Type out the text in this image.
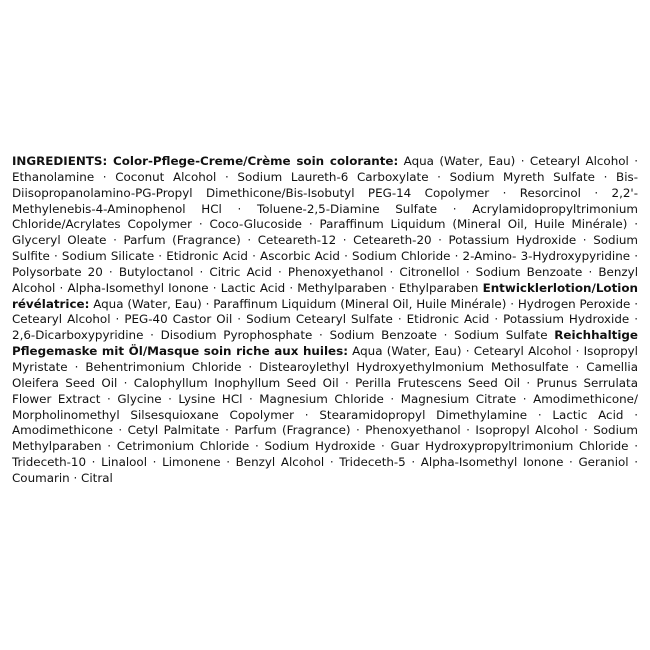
INGREDIENTS: Color-Pflege-Creme/Crème soin colorante: Aqua (Water, Eau) · Cetearyl Alcohol · Ethanolamine · Coconut Alcohol · Sodium Laureth-6 Carboxylate · Sodium Myreth Sulfate · Bis-Diisopropanolamino-PG-Propyl Dimethicone/Bis-Isobutyl PEG-14 Copolymer · Resorcinol · 2,2'-Methylenebis-4-Aminophenol HCl · Toluene-2,5-Diamine Sulfate · Acrylamidopropyltrimonium Chloride/Acrylates Copolymer · Coco-Glucoside · Paraffinum Liquidum (Mineral Oil, Huile Minérale) · Glyceryl Oleate · Parfum (Fragrance) · Ceteareth-12 · Ceteareth-20 · Potassium Hydroxide · Sodium Sulfite · Sodium Silicate · Etidronic Acid · Ascorbic Acid · Sodium Chloride · 2-Amino- 3-Hydroxypyridine · Polysorbate 20 · Butyloctanol · Citric Acid · Phenoxyethanol · Citronellol · Sodium Benzoate · Benzyl Alcohol · Alpha-Isomethyl Ionone · Lactic Acid · Methylparaben · Ethylparaben Entwicklerlotion/Lotion révélatrice: Aqua (Water, Eau) · Paraffinum Liquidum (Mineral Oil, Huile Minérale) · Hydrogen Peroxide · Cetearyl Alcohol · PEG-40 Castor Oil · Sodium Cetearyl Sulfate · Etidronic Acid · Potassium Hydroxide · 2,6-Dicarboxypyridine · Disodium Pyrophosphate · Sodium Benzoate · Sodium Sulfate Reichhaltige Pflegemaske mit Öl/Masque soin riche aux huiles: Aqua (Water, Eau) · Cetearyl Alcohol · Isopropyl Myristate · Behentrimonium Chloride · Distearoylethyl Hydroxyethylmonium Methosulfate · Camellia Oleifera Seed Oil · Calophyllum Inophyllum Seed Oil · Perilla Frutescens Seed Oil · Prunus Serrulata Flower Extract · Glycine · Lysine HCl · Magnesium Chloride · Magnesium Citrate · Amodimethicone/ Morpholinomethyl Silsesquioxane Copolymer · Stearamidopropyl Dimethylamine · Lactic Acid · Amodimethicone · Cetyl Palmitate · Parfum (Fragrance) · Phenoxyethanol · Isopropyl Alcohol · Sodium Methylparaben · Cetrimonium Chloride · Sodium Hydroxide · Guar Hydroxypropyltrimonium Chloride · Trideceth-10 · Linalool · Limonene · Benzyl Alcohol · Trideceth-5 · Alpha-Isomethyl Ionone · Geraniol · Coumarin · Citral
